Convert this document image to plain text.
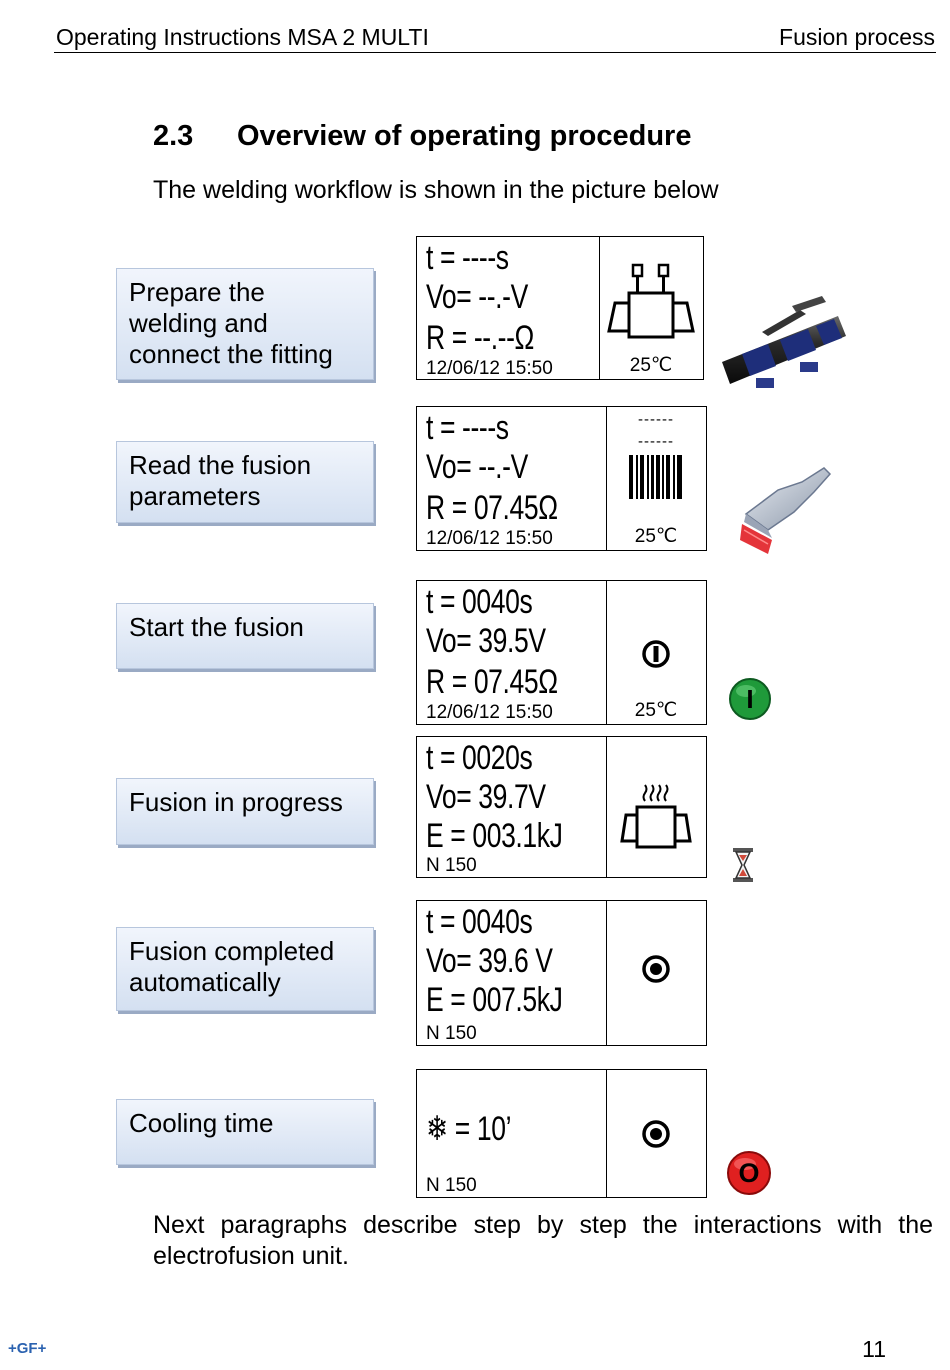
Operating Instructions MSA 2 MULTI	Fusion process
2.3 Overview of operating procedure
The welding workflow is shown in the picture below
Prepare the
welding and
connect the fitting
Read the fusion
parameters
Start the fusion
Fusion in progress
Fusion completed
automatically
Cooling time
t = ----s
Vo= --.-V
R = --.--Ω
12/06/12 15:50	25℃
t = ----s
Vo= --.-V
R = 07.45Ω
12/06/12 15:50
------
------
25℃
t = 0040s
Vo= 39.5V
R = 07.45Ω
12/06/12 15:50	25℃
t = 0020s
Vo= 39.7V
E = 003.1kJ
N 150
t = 0040s
Vo= 39.6 V
E = 007.5kJ
N 150
❄ = 10’
N 150
I
O
Next paragraphs describe step by step the interactions with the
electrofusion unit.
+GF+	11
